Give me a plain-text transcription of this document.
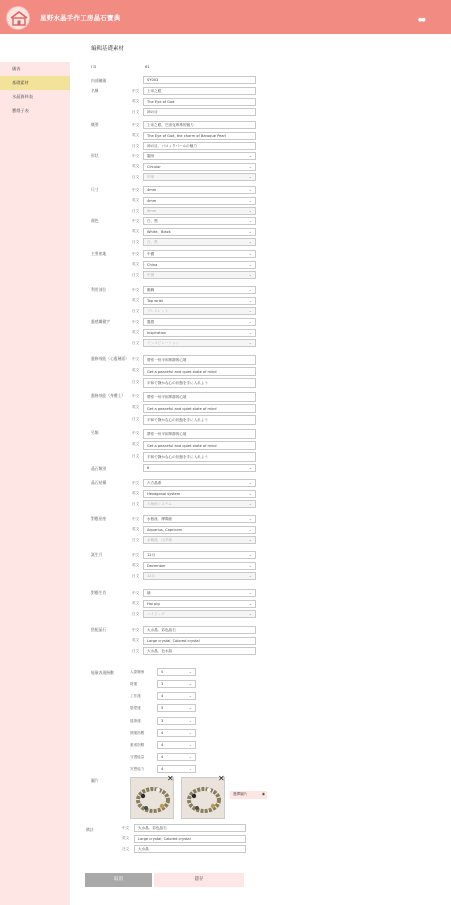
星野水晶手作工房晶石寶典	●●
儀表
基礎素材
水晶資料表
寶燈子表
編輯基礎素材
I D	61
內部編號	SY003
名稱	中文	上帝之眼
英文	The Eye of God
日文	神の目
概要	中文	上帝之眼，巴洛克珍珠的魅力
英文	The Eye of God, the charm of Baroque Pearl
日文	神の目、バロックパールの魅力
形状	中文	圓形 ⌄
英文	Circular ⌄
日文	円形 ⌄
尺寸	中文	4mm ⌄
英文	4mm ⌄
日文	4mm ⌄
顏色	中文	白、黑 ⌄
英文	White、Black ⌄
日文	白、黒 ⌄
主要產地	中文	中國 ⌄
英文	China ⌄
日文	中国 ⌄
利用部位	中文	腕飾 ⌄
英文	Top wrist ⌄
日文	ブレスレット ⌄
靈感關鍵字	中文	靈感 ⌄
英文	Inspiration ⌄
日文	インスピレーション ⌄
靈修效能（心靈層面） 中文	帶你一份平和寧靜的心境
英文	Get a peaceful and quiet state of mind
日文	平和で静かな心の状態を手に入れよう
靈修效能（身體上）	中文	帶你一份平和寧靜的心境
英文	Get a peaceful and quiet state of mind
日文	平和で静かな心の状態を手に入れよう
另類	中文	帶你一份平和寧靜的心境
英文	Get a peaceful and quiet state of mind
日文	平和で静かな心の状態を手に入れよう
晶石類別	6 ⌄
晶石結構	中文	六方晶系 ⌄
英文	Hexagonal system ⌄
日文	六角形システム ⌄
對應星座	中文	水瓶座、摩羯座 ⌄
英文	Aquarius, Capricorn ⌄
日文	水瓶座、山羊座 ⌄
誕生月	中文	12月 ⌄
英文	December ⌄
日文	12月 ⌄
對應生肖	中文	豬 ⌄
英文	Hai pig ⌄
日文	ハイピッグ ⌄
搭配晶石	中文	大水晶、彩色晶石
英文	Large crystal, Colored crystal
日文	大水晶、色水晶
能量表現指數	人際關係	5 ⌄
財運	3 ⌄
工作運	4 ⌄
戀愛運	5 ⌄
健康運	3 ⌄
開運指數	4 ⌄
避邪指數	4 ⌄
守護能量	4 ⌄
冥想能力	4 ⌄
圖片	✕	✕
選擇圖片	◉
備註	中文	大水晶、彩色晶石
英文	Large crystal, Colored crystal
日文	大水晶
取消	儲存
